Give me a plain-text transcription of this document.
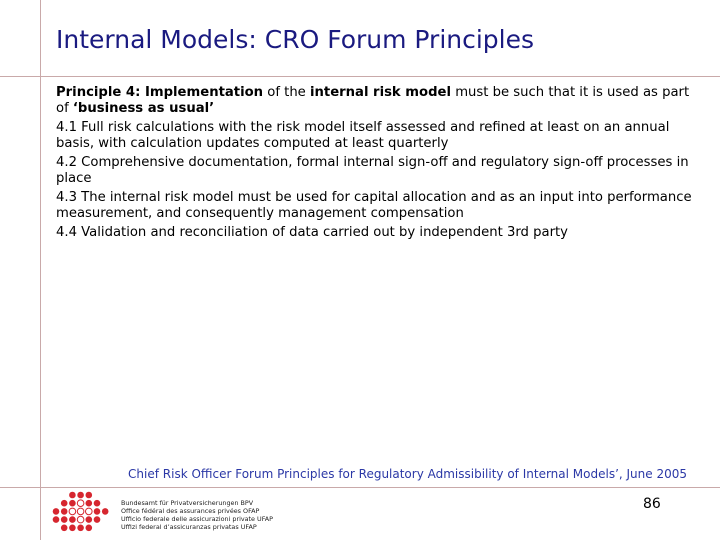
Internal Models: CRO Forum Principles

Principle 4: Implementation of the internal risk model must be such that it is used as part of ‘business as usual’

4.1 Full risk calculations with the risk model itself assessed and refined at least on an annual basis, with calculation updates computed at least quarterly

4.2 Comprehensive documentation, formal internal sign-off and regulatory sign-off processes in place

4.3 The internal risk model must be used for capital allocation and as an input into performance measurement, and consequently management compensation

4.4 Validation and reconciliation of data carried out by independent 3rd party

Chief Risk Officer Forum Principles for Regulatory Admissibility of Internal Models’, June 2005
Bundesamt für Privatversicherungen BPV
Office fédéral des assurances privées OFAP
Ufficio federale delle assicurazioni private UFAP
Uffizi federal d’assicuranzas privatas UFAP
86
